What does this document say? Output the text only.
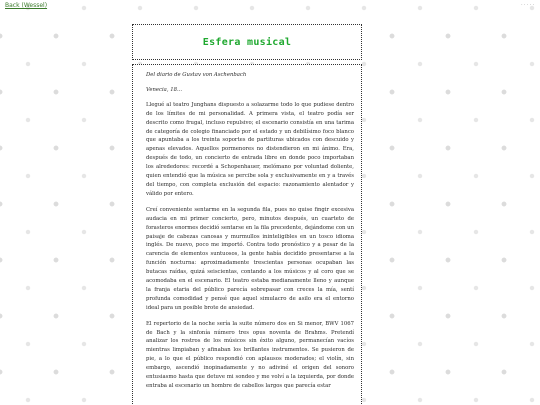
Back (Wessel)	· · · · ·
Esfera musical

Del diario de Gustav von Aschenbach

Venecia, 18...

Llegué al teatro Junghans dispuesto a solazarme todo lo que pudiese dentro de los límites de mi personalidad. A primera vista, el teatro podía ser descrito como frugal, incluso repulsivo; el escenario consistía en una tarima de categoría de colegio financiado por el estado y un debilísimo foco blanco que apuntaba a los treinta soportes de partituras ubicados con descuido y apenas elevados. Aquellos pormenores no distendieron en mi ánimo. Era, después de todo, un concierto de entrada libre en donde poco importaban los alrededores: recordé a Schopenhauer, melómano por voluntad doliente, quien entendió que la música se percibe sola y exclusivamente en y a través del tiempo, con completa exclusión del espacio: razonamiento alentador y válido por entero.

Creí conveniente sentarme en la segunda fila, pues no quise fingir excesiva audacia en mi primer concierto, pero, minutos después, un cuarteto de forasteros enormes decidió sentarse en la fila precedente, dejándome con un paisaje de cabezas canosas y murmullos ininteligibles en un tosco idioma inglés. De nuevo, poco me importó. Contra todo pronóstico y a pesar de la carencia de elementos suntuosos, la gente había decidido presentarse a la función nocturna: aproximadamente trescientas personas ocupaban las butacas raídas, quizá seiscientas, contando a los músicos y al coro que se acomodaba en el escenario. El teatro estaba medianamente lleno y aunque la franja etaria del público parecía sobrepasar con creces la mía, sentí profunda comodidad y pensé que aquel simulacro de asilo era el entorno ideal para un posible brote de ansiedad.

El repertorio de la noche sería la suite número dos en Si menor, BWV 1067 de Bach y la sinfonía número tres opus noventa de Brahms. Pretendí analizar los rostros de los músicos sin éxito alguno, permanecían vacíos mientras limpiaban y afinaban los brillantes instrumentos. Se pusieron de pie, a lo que el público respondió con aplausos moderados; el violín, sin embargo, ascendió inopinadamente y no adiviné el origen del sonoro entusiasmo hasta que detuve mi sondeo y me volví a la izquierda, por donde entraba al escenario un hombre de cabellos largos que parecía estar
